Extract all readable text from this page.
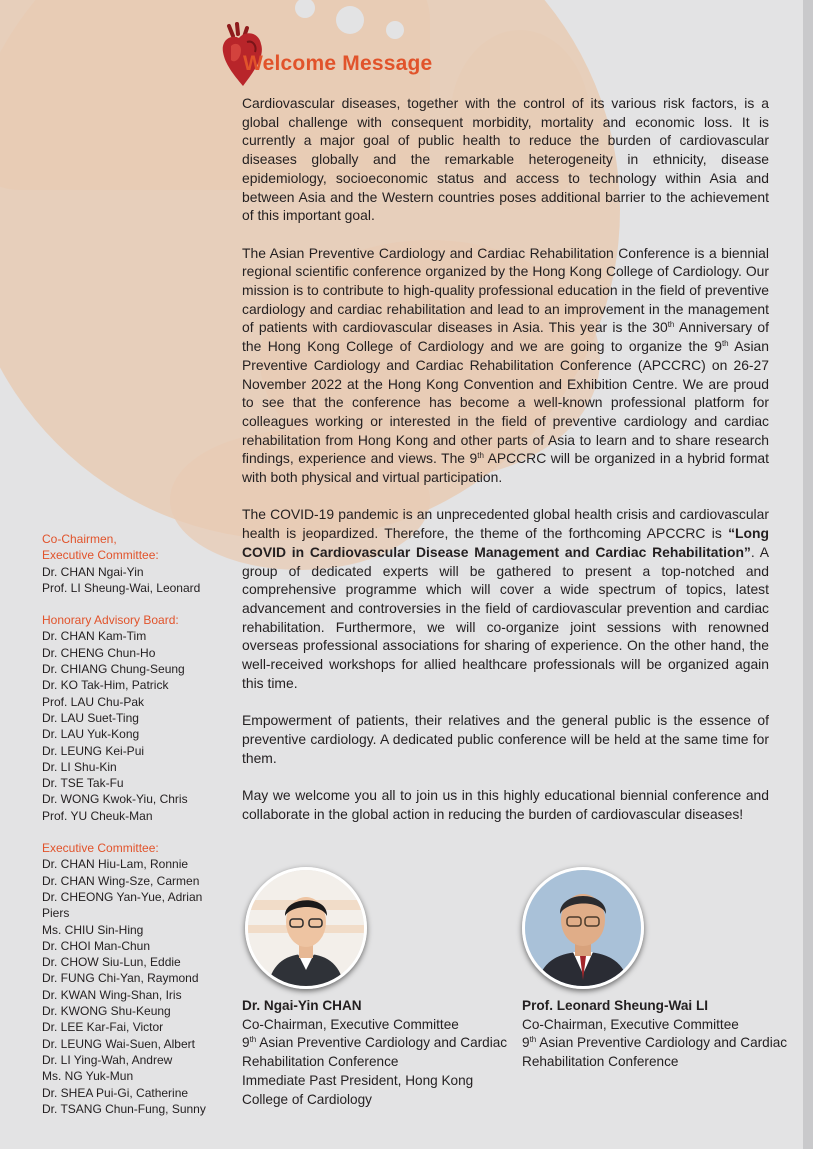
Welcome Message

Cardiovascular diseases, together with the control of its various risk factors, is a global challenge with consequent morbidity, mortality and economic loss. It is currently a major goal of public health to reduce the burden of cardiovascular diseases globally and the remarkable heterogeneity in ethnicity, disease epidemiology, socioeconomic status and access to technology within Asia and between Asia and the Western countries poses additional barrier to the achievement of this important goal.

The Asian Preventive Cardiology and Cardiac Rehabilitation Conference is a biennial regional scientific conference organized by the Hong Kong College of Cardiology. Our mission is to contribute to high-quality professional education in the field of preventive cardiology and cardiac rehabilitation and lead to an improvement in the management of patients with cardiovascular diseases in Asia. This year is the 30th Anniversary of the Hong Kong College of Cardiology and we are going to organize the 9th Asian Preventive Cardiology and Cardiac Rehabilitation Conference (APCCRC) on 26-27 November 2022 at the Hong Kong Convention and Exhibition Centre. We are proud to see that the conference has become a well-known professional platform for colleagues working or interested in the field of preventive cardiology and cardiac rehabilitation from Hong Kong and other parts of Asia to learn and to share research findings, experience and views. The 9th APCCRC will be organized in a hybrid format with both physical and virtual participation.

The COVID-19 pandemic is an unprecedented global health crisis and cardiovascular health is jeopardized. Therefore, the theme of the forthcoming APCCRC is “Long COVID in Cardiovascular Disease Management and Cardiac Rehabilitation”. A group of dedicated experts will be gathered to present a top-notched and comprehensive programme which will cover a wide spectrum of topics, latest advancement and controversies in the field of cardiovascular prevention and cardiac rehabilitation. Furthermore, we will co-organize joint sessions with renowned overseas professional associations for sharing of experience. On the other hand, the well-received workshops for allied healthcare professionals will be organized again this time.

Empowerment of patients, their relatives and the general public is the essence of preventive cardiology. A dedicated public conference will be held at the same time for them.

May we welcome you all to join us in this highly educational biennial conference and collaborate in the global action in reducing the burden of cardiovascular diseases!

Co-Chairmen,
Executive Committee:
Dr. CHAN Ngai-Yin
Prof. LI Sheung-Wai, Leonard
Honorary Advisory Board:
Dr. CHAN Kam-Tim
Dr. CHENG Chun-Ho
Dr. CHIANG Chung-Seung
Dr. KO Tak-Him, Patrick
Prof. LAU Chu-Pak
Dr. LAU Suet-Ting
Dr. LAU Yuk-Kong
Dr. LEUNG Kei-Pui
Dr. LI Shu-Kin
Dr. TSE Tak-Fu
Dr. WONG Kwok-Yiu, Chris
Prof. YU Cheuk-Man
Executive Committee:
Dr. CHAN Hiu-Lam, Ronnie
Dr. CHAN Wing-Sze, Carmen
Dr. CHEONG Yan-Yue, Adrian Piers
Ms. CHIU Sin-Hing
Dr. CHOI Man-Chun
Dr. CHOW Siu-Lun, Eddie
Dr. FUNG Chi-Yan, Raymond
Dr. KWAN Wing-Shan, Iris
Dr. KWONG Shu-Keung
Dr. LEE Kar-Fai, Victor
Dr. LEUNG Wai-Suen, Albert
Dr. LI Ying-Wah, Andrew
Ms. NG Yuk-Mun
Dr. SHEA Pui-Gi, Catherine
Dr. TSANG Chun-Fung, Sunny
Dr. Ngai-Yin CHAN
Co-Chairman, Executive Committee
9th Asian Preventive Cardiology and Cardiac Rehabilitation Conference
Immediate Past President, Hong Kong College of Cardiology
Prof. Leonard Sheung-Wai LI
Co-Chairman, Executive Committee
9th Asian Preventive Cardiology and Cardiac Rehabilitation Conference
